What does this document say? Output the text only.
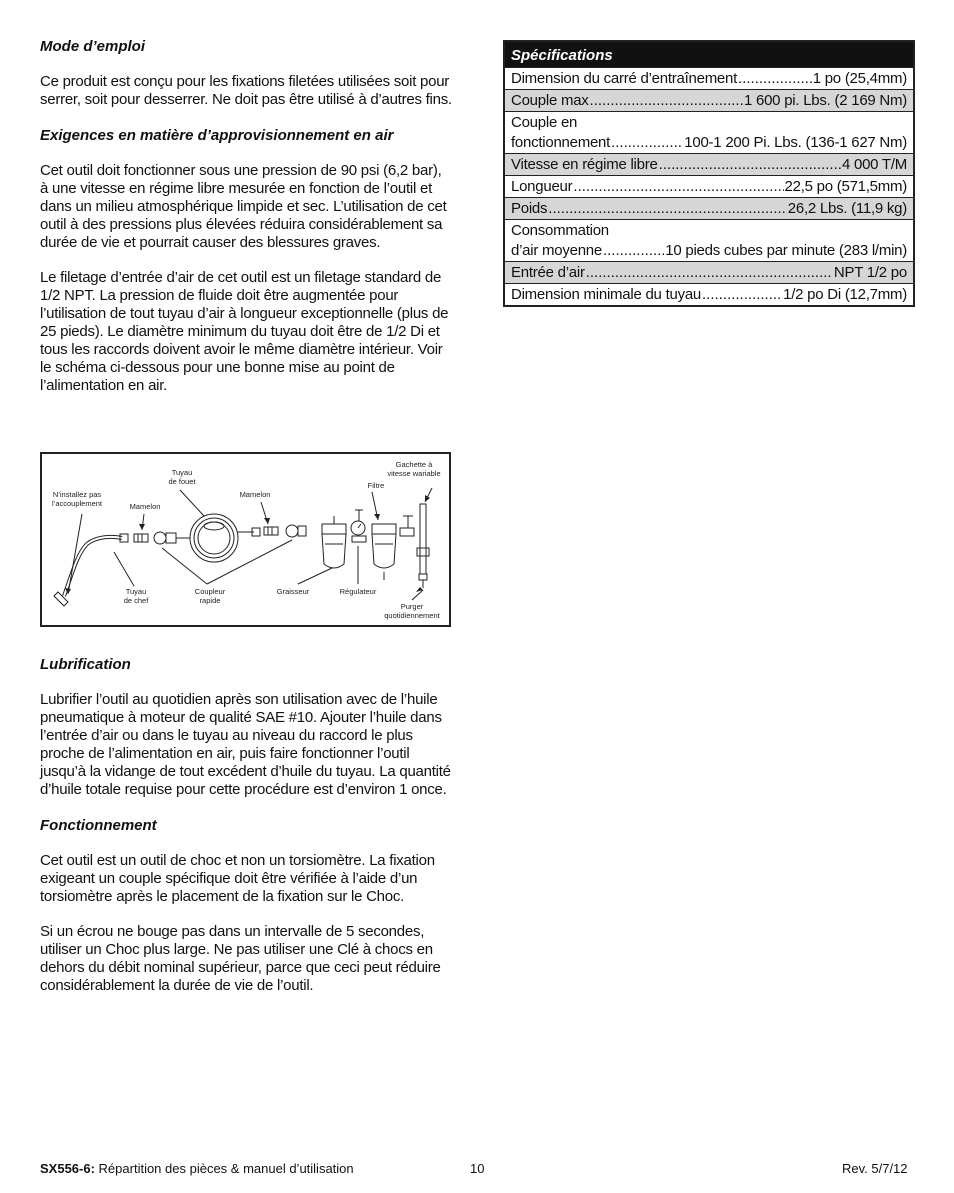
Mode d’emploi
Ce produit est conçu pour les fixations filetées utilisées soit pour serrer, soit pour desserrer. Ne doit pas être utilisé à d’autres fins.
Exigences en matière d’approvisionnement en air
Cet outil doit fonctionner sous une pression de 90 psi (6,2 bar), à une vitesse en régime libre mesurée en fonction de l’outil et dans un milieu atmosphérique limpide et sec. L’utilisation de cet outil à des pressions plus élevées réduira considérablement sa durée de vie et pourrait causer des blessures graves.
Le filetage d’entrée d’air de cet outil est un filetage standard de 1/2 NPT. La pression de fluide doit être augmentée pour l’utilisation de tout tuyau d’air à longueur exceptionnelle (plus de 25 pieds). Le diamètre minimum du tuyau doit être de 1/2 Di et tous les raccords doivent avoir le même diamètre intérieur. Voir le schéma ci-dessous pour une bonne mise au point de l’alimentation en air.
N’installez pas
l’accouplement	Mamelon
Tuyau
de fouet
Mamelon
Filtre
Gachette à
vitesse wariable
Tuyau
de chef
Coupleur
rapide
Graisseur	Régulateur
Purger
quotidiennement
Lubrification
Lubrifier l’outil au quotidien après son utilisation avec de l’huile pneumatique à moteur de qualité SAE #10. Ajouter l’huile dans l’entrée d’air ou dans le tuyau au niveau du raccord le plus proche de l’alimentation en air, puis faire fonctionner l’outil jusqu’à la vidange de tout excédent d’huile du tuyau. La quantité d’huile totale requise pour cette procédure est d’environ 1 once.
Fonctionnement
Cet outil est un outil de choc et non un torsiomètre. La fixation exigeant un couple spécifique doit être vérifiée à l’aide d’un torsiomètre après le placement de la fixation sur le Choc.
Si un écrou ne bouge pas dans un intervalle de 5 secondes, utiliser un Choc plus large. Ne pas utiliser une Clé à chocs en dehors du débit nominal supérieur, parce que ceci peut réduire considérablement la durée de vie de l’outil.
Spécifications
Dimension du carré d’entraînement .....	1 po (25,4mm)
Couple max .....	1 600 pi. Lbs. (2 169 Nm)
Couple en
fonctionnement .....	100-1 200 Pi. Lbs. (136-1 627 Nm)
Vitesse en régime libre .....	4 000 T/M
Longueur .....	22,5 po (571,5mm)
Poids .....	26,2 Lbs. (11,9 kg)
Consommation
d’air moyenne .....	10 pieds cubes par minute (283 l/min)
Entrée d’air .....	NPT 1/2 po
Dimension minimale du tuyau .....	1/2 po Di (12,7mm)
SX556-6: Répartition des pièces & manuel d’utilisation	10	Rev. 5/7/12
